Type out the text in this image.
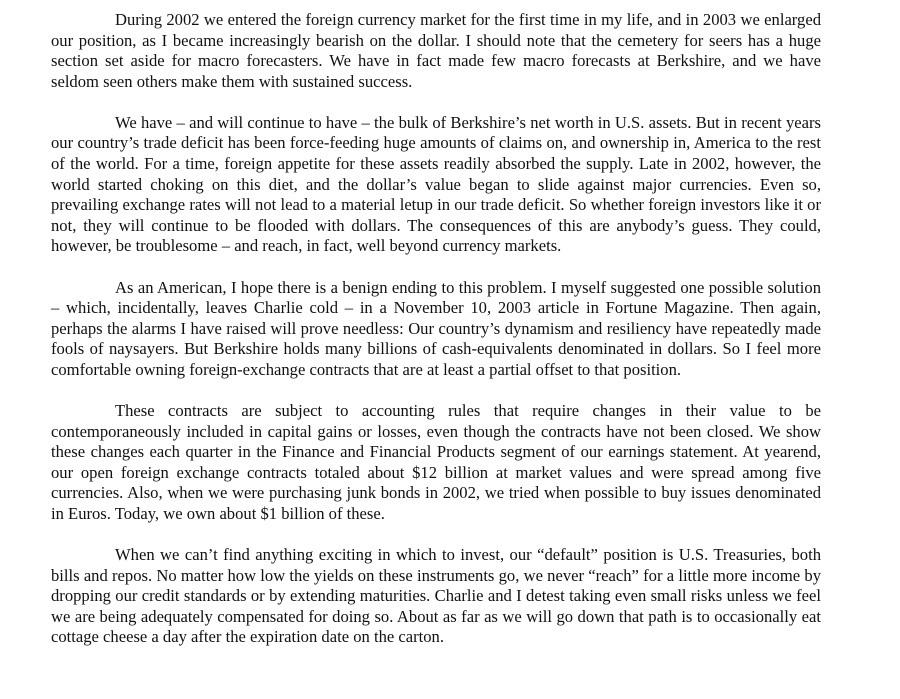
During 2002 we entered the foreign currency market for the first time in my life, and in 2003 we enlarged our position, as I became increasingly bearish on the dollar. I should note that the cemetery for seers has a huge section set aside for macro forecasters. We have in fact made few macro forecasts at Berkshire, and we have seldom seen others make them with sustained success.

We have – and will continue to have – the bulk of Berkshire’s net worth in U.S. assets. But in recent years our country’s trade deficit has been force-feeding huge amounts of claims on, and ownership in, America to the rest of the world. For a time, foreign appetite for these assets readily absorbed the supply. Late in 2002, however, the world started choking on this diet, and the dollar’s value began to slide against major currencies. Even so, prevailing exchange rates will not lead to a material letup in our trade deficit. So whether foreign investors like it or not, they will continue to be flooded with dollars. The consequences of this are anybody’s guess. They could, however, be troublesome – and reach, in fact, well beyond currency markets.

As an American, I hope there is a benign ending to this problem. I myself suggested one possible solution – which, incidentally, leaves Charlie cold – in a November 10, 2003 article in Fortune Magazine. Then again, perhaps the alarms I have raised will prove needless: Our country’s dynamism and resiliency have repeatedly made fools of naysayers. But Berkshire holds many billions of cash-equivalents denominated in dollars. So I feel more comfortable owning foreign-exchange contracts that are at least a partial offset to that position.

These contracts are subject to accounting rules that require changes in their value to be contemporaneously included in capital gains or losses, even though the contracts have not been closed. We show these changes each quarter in the Finance and Financial Products segment of our earnings statement. At yearend, our open foreign exchange contracts totaled about $12 billion at market values and were spread among five currencies. Also, when we were purchasing junk bonds in 2002, we tried when possible to buy issues denominated in Euros. Today, we own about $1 billion of these.

When we can’t find anything exciting in which to invest, our “default” position is U.S. Treasuries, both bills and repos. No matter how low the yields on these instruments go, we never “reach” for a little more income by dropping our credit standards or by extending maturities. Charlie and I detest taking even small risks unless we feel we are being adequately compensated for doing so. About as far as we will go down that path is to occasionally eat cottage cheese a day after the expiration date on the carton.
